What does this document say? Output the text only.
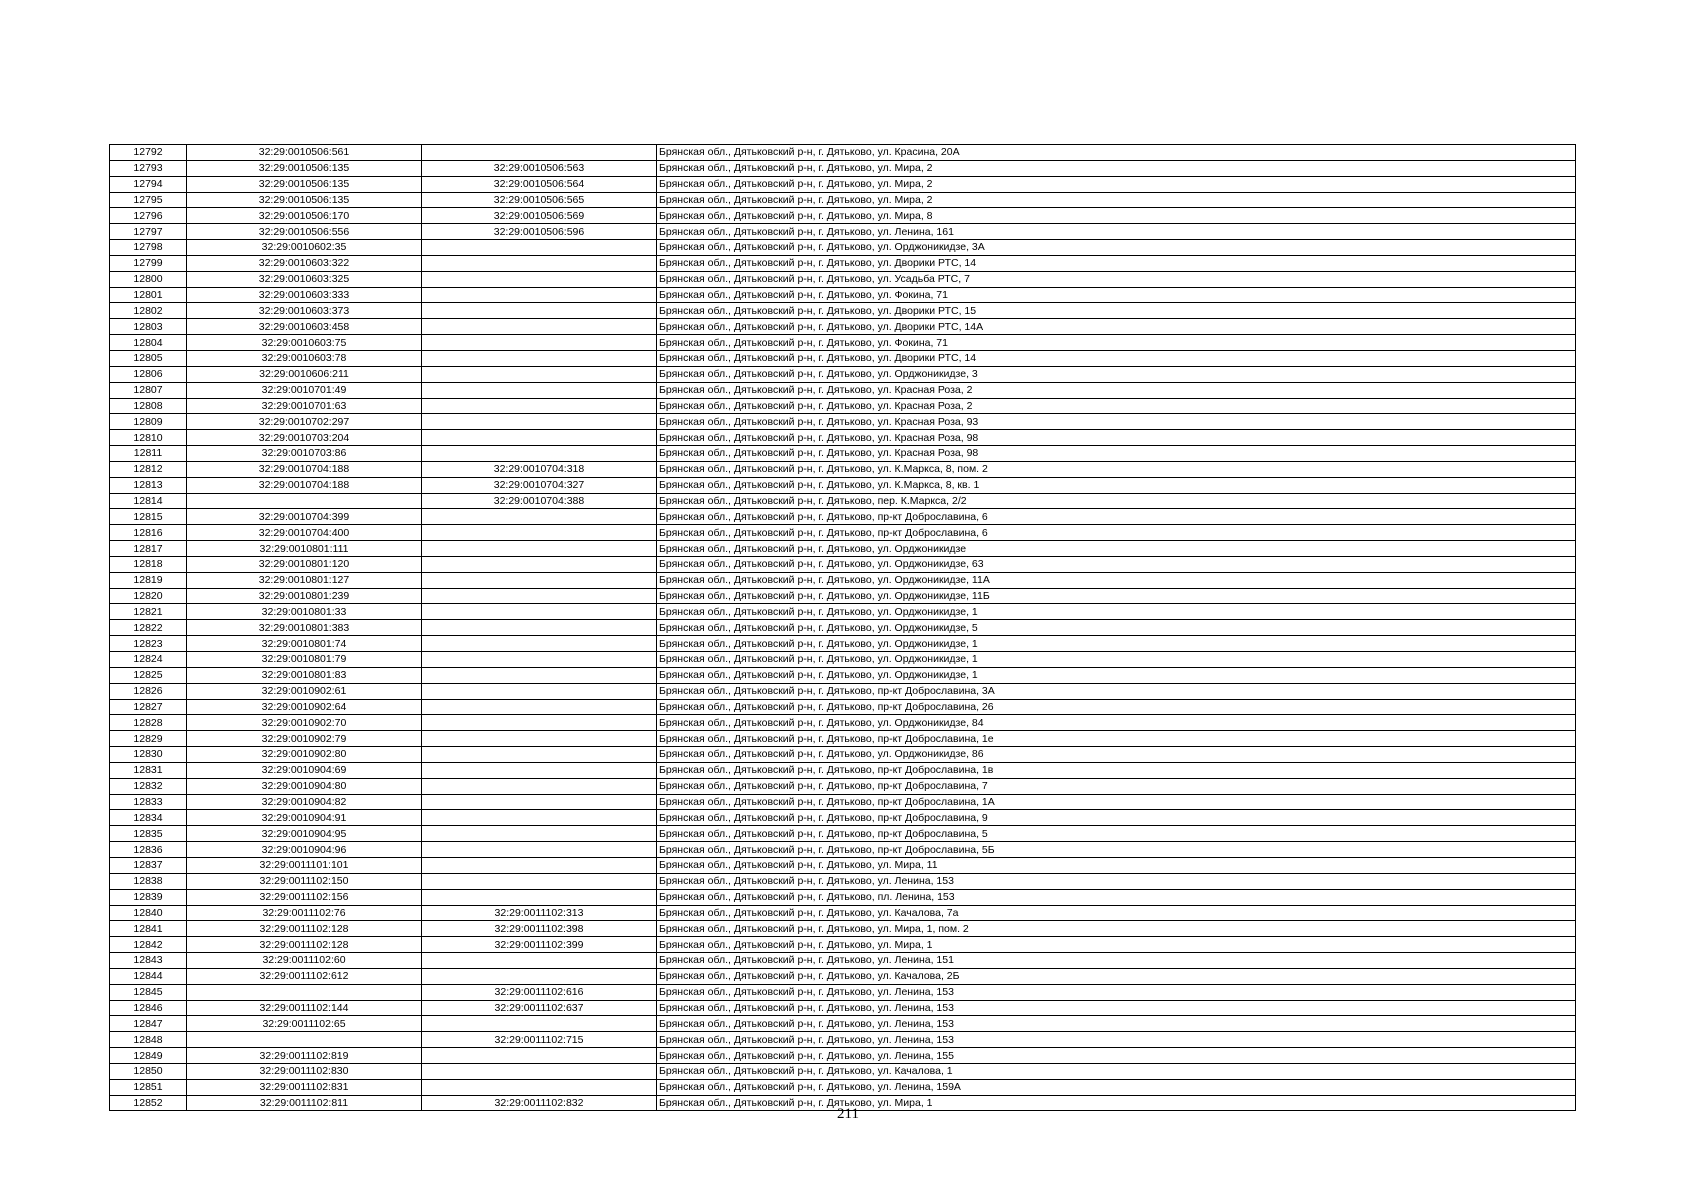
12792	32:29:0010506:561		Брянская обл., Дятьковский р-н, г. Дятьково, ул. Красина, 20А
12793	32:29:0010506:135	32:29:0010506:563	Брянская обл., Дятьковский р-н, г. Дятьково, ул. Мира, 2
12794	32:29:0010506:135	32:29:0010506:564	Брянская обл., Дятьковский р-н, г. Дятьково, ул. Мира, 2
12795	32:29:0010506:135	32:29:0010506:565	Брянская обл., Дятьковский р-н, г. Дятьково, ул. Мира, 2
12796	32:29:0010506:170	32:29:0010506:569	Брянская обл., Дятьковский р-н, г. Дятьково, ул. Мира, 8
12797	32:29:0010506:556	32:29:0010506:596	Брянская обл., Дятьковский р-н, г. Дятьково, ул. Ленина, 161
12798	32:29:0010602:35		Брянская обл., Дятьковский р-н, г. Дятьково, ул. Орджоникидзе, 3А
12799	32:29:0010603:322		Брянская обл., Дятьковский р-н, г. Дятьково, ул. Дворики РТС, 14
12800	32:29:0010603:325		Брянская обл., Дятьковский р-н, г. Дятьково, ул. Усадьба РТС, 7
12801	32:29:0010603:333		Брянская обл., Дятьковский р-н, г. Дятьково, ул. Фокина, 71
12802	32:29:0010603:373		Брянская обл., Дятьковский р-н, г. Дятьково, ул. Дворики РТС, 15
12803	32:29:0010603:458		Брянская обл., Дятьковский р-н, г. Дятьково, ул. Дворики РТС, 14А
12804	32:29:0010603:75		Брянская обл., Дятьковский р-н, г. Дятьково, ул. Фокина, 71
12805	32:29:0010603:78		Брянская обл., Дятьковский р-н, г. Дятьково, ул. Дворики РТС, 14
12806	32:29:0010606:211		Брянская обл., Дятьковский р-н, г. Дятьково, ул. Орджоникидзе, 3
12807	32:29:0010701:49		Брянская обл., Дятьковский р-н, г. Дятьково, ул. Красная Роза, 2
12808	32:29:0010701:63		Брянская обл., Дятьковский р-н, г. Дятьково, ул. Красная Роза, 2
12809	32:29:0010702:297		Брянская обл., Дятьковский р-н, г. Дятьково, ул. Красная Роза, 93
12810	32:29:0010703:204		Брянская обл., Дятьковский р-н, г. Дятьково, ул. Красная Роза, 98
12811	32:29:0010703:86		Брянская обл., Дятьковский р-н, г. Дятьково, ул. Красная Роза, 98
12812	32:29:0010704:188	32:29:0010704:318	Брянская обл., Дятьковский р-н, г. Дятьково, ул. К.Маркса, 8, пом. 2
12813	32:29:0010704:188	32:29:0010704:327	Брянская обл., Дятьковский р-н, г. Дятьково, ул. К.Маркса, 8, кв. 1
12814		32:29:0010704:388	Брянская обл., Дятьковский р-н, г. Дятьково, пер. К.Маркса, 2/2
12815	32:29:0010704:399		Брянская обл., Дятьковский р-н, г. Дятьково, пр-кт Доброславина, 6
12816	32:29:0010704:400		Брянская обл., Дятьковский р-н, г. Дятьково, пр-кт Доброславина, 6
12817	32:29:0010801:111		Брянская обл., Дятьковский р-н, г. Дятьково, ул. Орджоникидзе
12818	32:29:0010801:120		Брянская обл., Дятьковский р-н, г. Дятьково, ул. Орджоникидзе, 63
12819	32:29:0010801:127		Брянская обл., Дятьковский р-н, г. Дятьково, ул. Орджоникидзе, 11А
12820	32:29:0010801:239		Брянская обл., Дятьковский р-н, г. Дятьково, ул. Орджоникидзе, 11Б
12821	32:29:0010801:33		Брянская обл., Дятьковский р-н, г. Дятьково, ул. Орджоникидзе, 1
12822	32:29:0010801:383		Брянская обл., Дятьковский р-н, г. Дятьково, ул. Орджоникидзе, 5
12823	32:29:0010801:74		Брянская обл., Дятьковский р-н, г. Дятьково, ул. Орджоникидзе, 1
12824	32:29:0010801:79		Брянская обл., Дятьковский р-н, г. Дятьково, ул. Орджоникидзе, 1
12825	32:29:0010801:83		Брянская обл., Дятьковский р-н, г. Дятьково, ул. Орджоникидзе, 1
12826	32:29:0010902:61		Брянская обл., Дятьковский р-н, г. Дятьково, пр-кт Доброславина, 3А
12827	32:29:0010902:64		Брянская обл., Дятьковский р-н, г. Дятьково, пр-кт Доброславина, 26
12828	32:29:0010902:70		Брянская обл., Дятьковский р-н, г. Дятьково, ул. Орджоникидзе, 84
12829	32:29:0010902:79		Брянская обл., Дятьковский р-н, г. Дятьково, пр-кт Доброславина, 1е
12830	32:29:0010902:80		Брянская обл., Дятьковский р-н, г. Дятьково, ул. Орджоникидзе, 86
12831	32:29:0010904:69		Брянская обл., Дятьковский р-н, г. Дятьково, пр-кт Доброславина, 1в
12832	32:29:0010904:80		Брянская обл., Дятьковский р-н, г. Дятьково, пр-кт Доброславина, 7
12833	32:29:0010904:82		Брянская обл., Дятьковский р-н, г. Дятьково, пр-кт Доброславина, 1А
12834	32:29:0010904:91		Брянская обл., Дятьковский р-н, г. Дятьково, пр-кт Доброславина, 9
12835	32:29:0010904:95		Брянская обл., Дятьковский р-н, г. Дятьково, пр-кт Доброславина, 5
12836	32:29:0010904:96		Брянская обл., Дятьковский р-н, г. Дятьково, пр-кт Доброславина, 5Б
12837	32:29:0011101:101		Брянская обл., Дятьковский р-н, г. Дятьково, ул. Мира, 11
12838	32:29:0011102:150		Брянская обл., Дятьковский р-н, г. Дятьково, ул. Ленина, 153
12839	32:29:0011102:156		Брянская обл., Дятьковский р-н, г. Дятьково, пл. Ленина, 153
12840	32:29:0011102:76	32:29:0011102:313	Брянская обл., Дятьковский р-н, г. Дятьково, ул. Качалова, 7а
12841	32:29:0011102:128	32:29:0011102:398	Брянская обл., Дятьковский р-н, г. Дятьково, ул. Мира, 1, пом. 2
12842	32:29:0011102:128	32:29:0011102:399	Брянская обл., Дятьковский р-н, г. Дятьково, ул. Мира, 1
12843	32:29:0011102:60		Брянская обл., Дятьковский р-н, г. Дятьково, ул. Ленина, 151
12844	32:29:0011102:612		Брянская обл., Дятьковский р-н, г. Дятьково, ул. Качалова, 2Б
12845		32:29:0011102:616	Брянская обл., Дятьковский р-н, г. Дятьково, ул. Ленина, 153
12846	32:29:0011102:144	32:29:0011102:637	Брянская обл., Дятьковский р-н, г. Дятьково, ул. Ленина, 153
12847	32:29:0011102:65		Брянская обл., Дятьковский р-н, г. Дятьково, ул. Ленина, 153
12848		32:29:0011102:715	Брянская обл., Дятьковский р-н, г. Дятьково, ул. Ленина, 153
12849	32:29:0011102:819		Брянская обл., Дятьковский р-н, г. Дятьково, ул. Ленина, 155
12850	32:29:0011102:830		Брянская обл., Дятьковский р-н, г. Дятьково, ул. Качалова, 1
12851	32:29:0011102:831		Брянская обл., Дятьковский р-н, г. Дятьково, ул. Ленина, 159А
12852	32:29:0011102:811	32:29:0011102:832	Брянская обл., Дятьковский р-н, г. Дятьково, ул. Мира, 1
211
